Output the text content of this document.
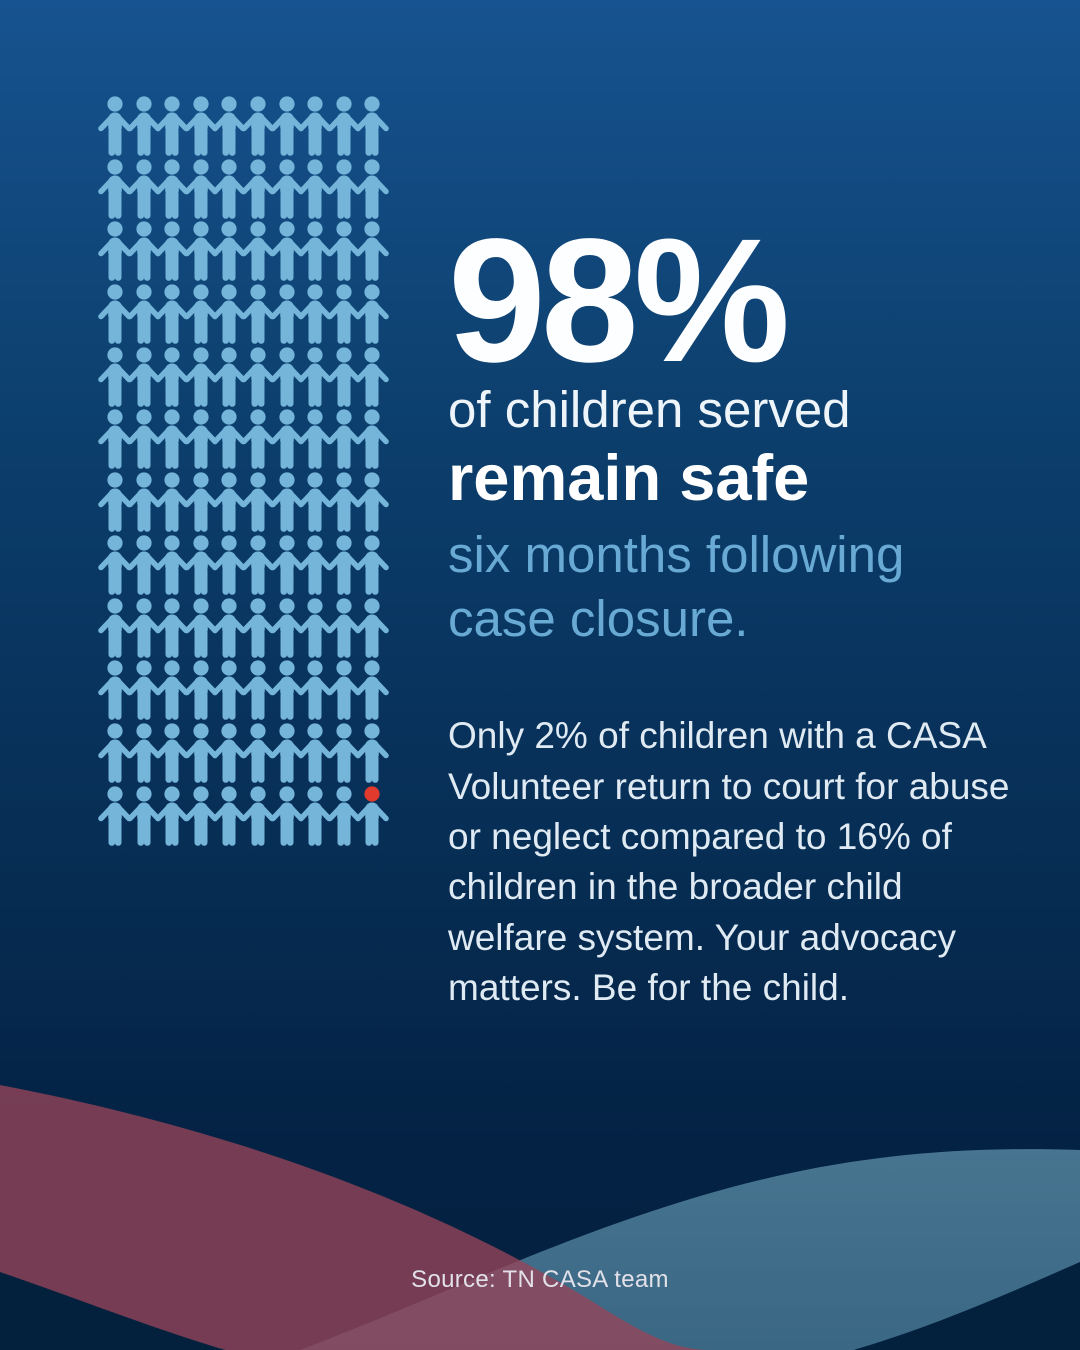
98%
of children served
remain safe
six months following
case closure.
Only 2% of children with a CASA
Volunteer return to court for abuse
or neglect compared to 16% of
children in the broader child
welfare system. Your advocacy
matters. Be for the child.
Source: TN CASA team
